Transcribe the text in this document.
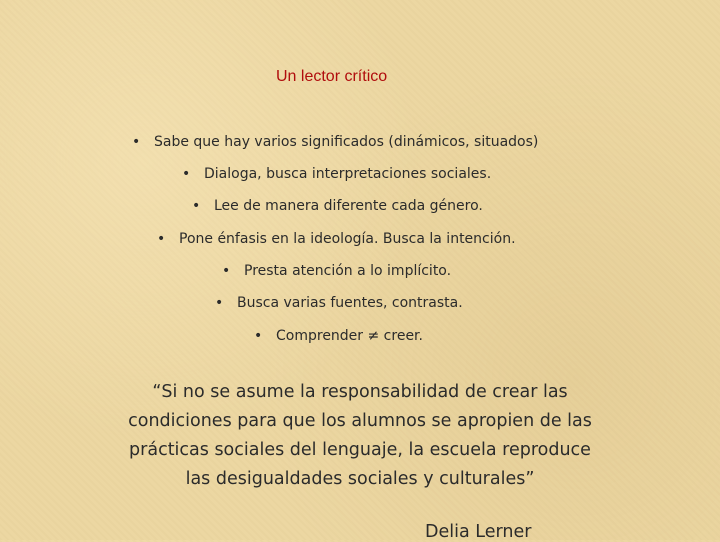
Un lector crítico
• Sabe que hay varios significados (dinámicos, situados)
• Dialoga, busca interpretaciones sociales.
• Lee de manera diferente cada género.
• Pone énfasis en la ideología. Busca la intención.
• Presta atención a lo implícito.
• Busca varias fuentes, contrasta.
• Comprender ≠ creer.
“Si no se asume la responsabilidad de crear las condiciones para que los alumnos se apropien de las prácticas sociales del lenguaje, la escuela reproduce las desigualdades sociales y culturales”
Delia Lerner
